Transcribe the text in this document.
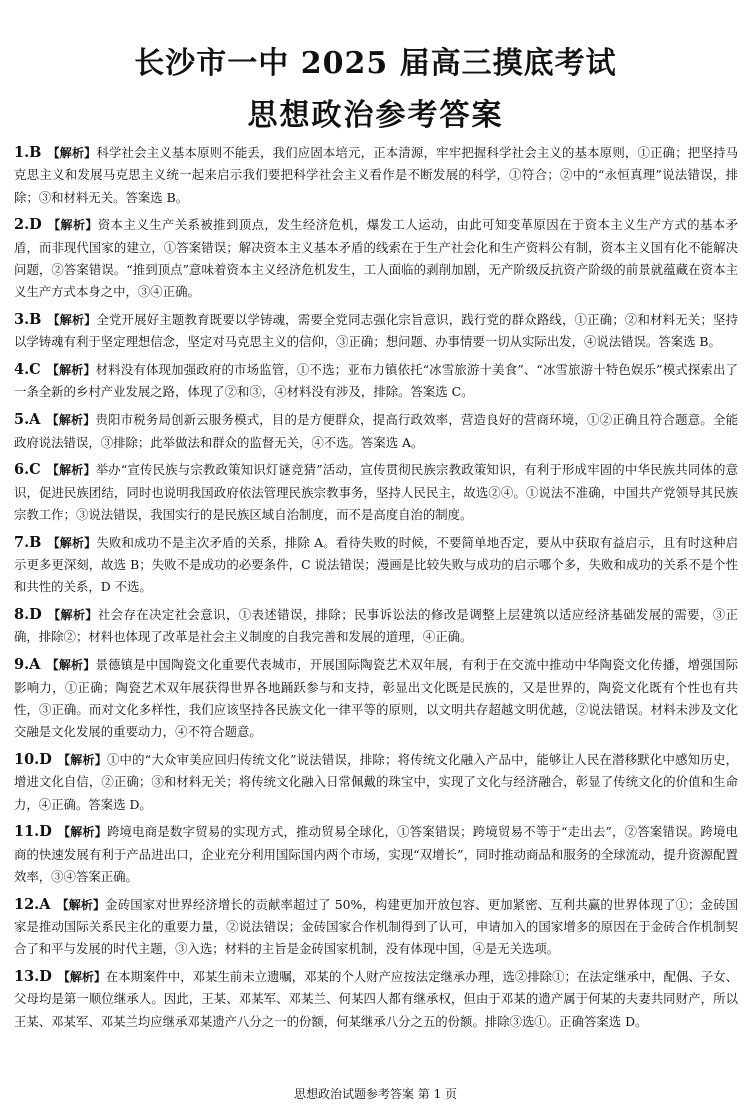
长沙市一中 2025 届高三摸底考试
思想政治参考答案
1.B 【解析】科学社会主义基本原则不能丢，我们应固本培元，正本清源，牢牢把握科学社会主义的基本原则，①正确；把坚持马克思主义和发展马克思主义统一起来启示我们要把科学社会主义看作是不断发展的科学，①符合；②中的“永恒真理”说法错误，排除；③和材料无关。答案选 B。
2.D 【解析】资本主义生产关系被推到顶点，发生经济危机，爆发工人运动，由此可知变革原因在于资本主义生产方式的基本矛盾，而非现代国家的建立，①答案错误；解决资本主义基本矛盾的线索在于生产社会化和生产资料公有制，资本主义国有化不能解决问题，②答案错误。“推到顶点”意味着资本主义经济危机发生，工人面临的剥削加剧，无产阶级反抗资产阶级的前景就蕴藏在资本主义生产方式本身之中，③④正确。
3.B 【解析】全党开展好主题教育既要以学铸魂，需要全党同志强化宗旨意识，践行党的群众路线，①正确；②和材料无关；坚持以学铸魂有利于坚定理想信念，坚定对马克思主义的信仰，③正确；想问题、办事情要一切从实际出发，④说法错误。答案选 B。
4.C 【解析】材料没有体现加强政府的市场监管，①不选；亚布力镇依托“冰雪旅游十美食”、“冰雪旅游十特色娱乐”模式探索出了一条全新的乡村产业发展之路，体现了②和③，④材料没有涉及，排除。答案选 C。
5.A 【解析】贵阳市税务局创新云服务模式，目的是方便群众，提高行政效率，营造良好的营商环境，①②正确且符合题意。全能政府说法错误，③排除；此举做法和群众的监督无关，④不选。答案选 A。
6.C 【解析】举办“宣传民族与宗教政策知识灯谜竞猜”活动，宣传贯彻民族宗教政策知识，有利于形成牢固的中华民族共同体的意识，促进民族团结，同时也说明我国政府依法管理民族宗教事务，坚持人民民主，故选②④。①说法不准确，中国共产党领导其民族宗教工作；③说法错误，我国实行的是民族区域自治制度，而不是高度自治的制度。
7.B 【解析】失败和成功不是主次矛盾的关系，排除 A。看待失败的时候，不要简单地否定，要从中获取有益启示，且有时这种启示更多更深刻，故选 B；失败不是成功的必要条件，C 说法错误；漫画是比较失败与成功的启示哪个多，失败和成功的关系不是个性和共性的关系，D 不选。
8.D 【解析】社会存在决定社会意识，①表述错误，排除；民事诉讼法的修改是调整上层建筑以适应经济基础发展的需要，③正确，排除②；材料也体现了改革是社会主义制度的自我完善和发展的道理，④正确。
9.A 【解析】景德镇是中国陶瓷文化重要代表城市，开展国际陶瓷艺术双年展，有利于在交流中推动中华陶瓷文化传播，增强国际影响力，①正确；陶瓷艺术双年展获得世界各地踊跃参与和支持，彰显出文化既是民族的，又是世界的，陶瓷文化既有个性也有共性，③正确。而对文化多样性，我们应该坚持各民族文化一律平等的原则，以文明共存超越文明优越，②说法错误。材料未涉及文化交融是文化发展的重要动力，④不符合题意。
10.D 【解析】①中的“大众审美应回归传统文化”说法错误，排除；将传统文化融入产品中，能够让人民在潜移默化中感知历史，增进文化自信，②正确；③和材料无关；将传统文化融入日常佩戴的珠宝中，实现了文化与经济融合，彰显了传统文化的价值和生命力，④正确。答案选 D。
11.D 【解析】跨境电商是数字贸易的实现方式，推动贸易全球化，①答案错误；跨境贸易不等于“走出去”，②答案错误。跨境电商的快速发展有利于产品进出口，企业充分利用国际国内两个市场，实现“双增长”，同时推动商品和服务的全球流动，提升资源配置效率，③④答案正确。
12.A 【解析】金砖国家对世界经济增长的贡献率超过了 50%，构建更加开放包容、更加紧密、互利共赢的世界体现了①；金砖国家是推动国际关系民主化的重要力量，②说法错误；金砖国家合作机制得到了认可，申请加入的国家增多的原因在于金砖合作机制契合了和平与发展的时代主题，③入选；材料的主旨是金砖国家机制，没有体现中国，④是无关选项。
13.D 【解析】在本期案件中，邓某生前未立遗嘱，邓某的个人财产应按法定继承办理，选②排除①；在法定继承中，配偶、子女、父母均是第一顺位继承人。因此，王某、邓某军、邓某兰、何某四人都有继承权，但由于邓某的遗产属于何某的夫妻共同财产，所以王某、邓某军、邓某兰均应继承邓某遗产八分之一的份额，何某继承八分之五的份额。排除③选①。正确答案选 D。
思想政治试题参考答案 第 1 页
